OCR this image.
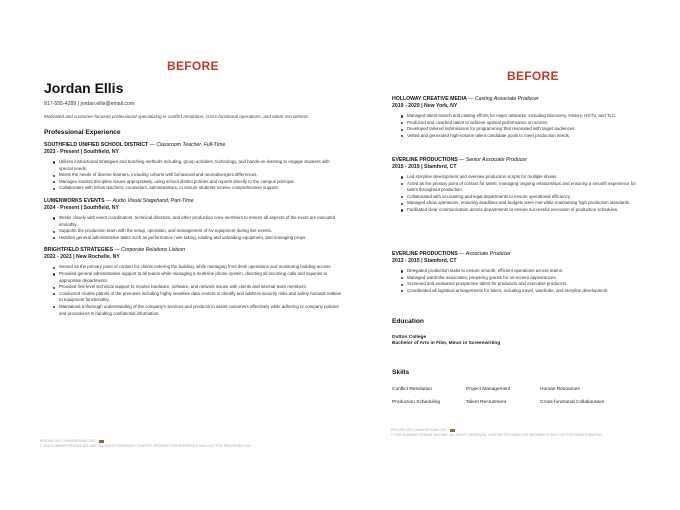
BEFORE
BEFORE
Jordan Ellis
917-555-4289 | jordan.ellis@email.com
Motivated and customer-focused professional specializing in conflict resolution, cross-functional operations, and talent recruitment.
Professional Experience
SOUTHFIELD UNIFIED SCHOOL DISTRICT — Classroom Teacher, Full-Time
2023 - Present | Southfield, NY
Utilizes instructional strategies and teaching methods including, group activities, technology, and hands-on learning to engage students with special needs.
Meets the needs of diverse learners, including cohorts with behavioral and neurodivergent differences.
Manages student discipline issues appropriately, using school district policies and reports directly to the campus principal.
Collaborates with fellow teachers, counselors, administrators, to ensure students receive comprehensive support.
LUMENWORKS EVENTS — Audio Visual Stagehand, Part-Time
2024 - Present | Southfield, NY
Works closely with event coordinators, technical directors, and other production crew members to ensure all aspects of the event are executed smoothly.
Supports the production team with the setup, operation, and management of AV equipment during live events.
Handles general administrative tasks such as performance note taking, loading and unloading equipment, and managing props.
BRIGHTFIELD STRATEGIES — Corporate Relations Liaison
2022 - 2023 | New Rochelle, NY
Served as the primary point of contact for clients entering the building, while managing front desk operations and monitoring building access.
Provided general administrative support to all teams while managing a multi-line phone system, directing all incoming calls and inquiries to appropriate departments.
Provided first-level technical support to resolve hardware, software, and network issues with clients and internal team members.
Conducted routine patrols of the premises including highly sensitive data centers to identify and address security risks and safety hazards relative to equipment functionality.
Maintained a thorough understanding of the company's services and products to assist customers effectively while adhering to company policies and procedures in handling confidential information.
RESUME.ORG | WWW.RESUME.ORG
© 2025 SUMMARY RESUME BUILDER. ALL RIGHTS RESERVED. CONTENT PROVIDED FOR REFERENCE ONLY. NOT FOR REDISTRIBUTION.
HOLLOWAY CREATIVE MEDIA — Casting Associate Producer
2019 - 2020 | New York, NY
Managed talent search and casting efforts for major networks, including Discovery, History, HGTV, and TLC.
Produced and coached talent to achieve optimal performance on-screen.
Developed tailored submissions for programming that resonated with target audiences.
Vetted and generated high-volume talent candidate pools to meet production needs.
EVERLINE PRODUCTIONS — Senior Associate Producer
2015 - 2019 | Stamford, CT
Led storyline development and oversaw production scripts for multiple shows.
Acted as the primary point of contact for talent, managing ongoing relationships and ensuring a smooth experience for talent throughout production.
Collaborated with accounting and legal departments to ensure operational efficiency.
Managed show operations, ensuring deadlines and budgets were met while maintaining high production standards.
Facilitated clear communication across departments to ensure successful execution of production schedules.
EVERLINE PRODUCTIONS — Associate Producer
2013 - 2015 | Stamford, CT
Delegated production tasks to ensure smooth, efficient operations across teams.
Managed wardrobe associates, preparing guests for on-screen appearances.
Screened and evaluated prospective talent for producers and executive producers.
Coordinated all logistical arrangements for talent, including travel, wardrobe, and storyline development.
Education
Dutton College
Bachelor of Arts in Film, Minor in Screenwriting
Skills
Conflict Resolution	Project Management	Human Resources
Production Scheduling	Talent Recruitment	Cross-functional Collaboration
RESUME.ORG | WWW.RESUME.ORG
© 2025 SUMMARY RESUME BUILDER. ALL RIGHTS RESERVED. CONTENT PROVIDED FOR REFERENCE ONLY. NOT FOR REDISTRIBUTION.
